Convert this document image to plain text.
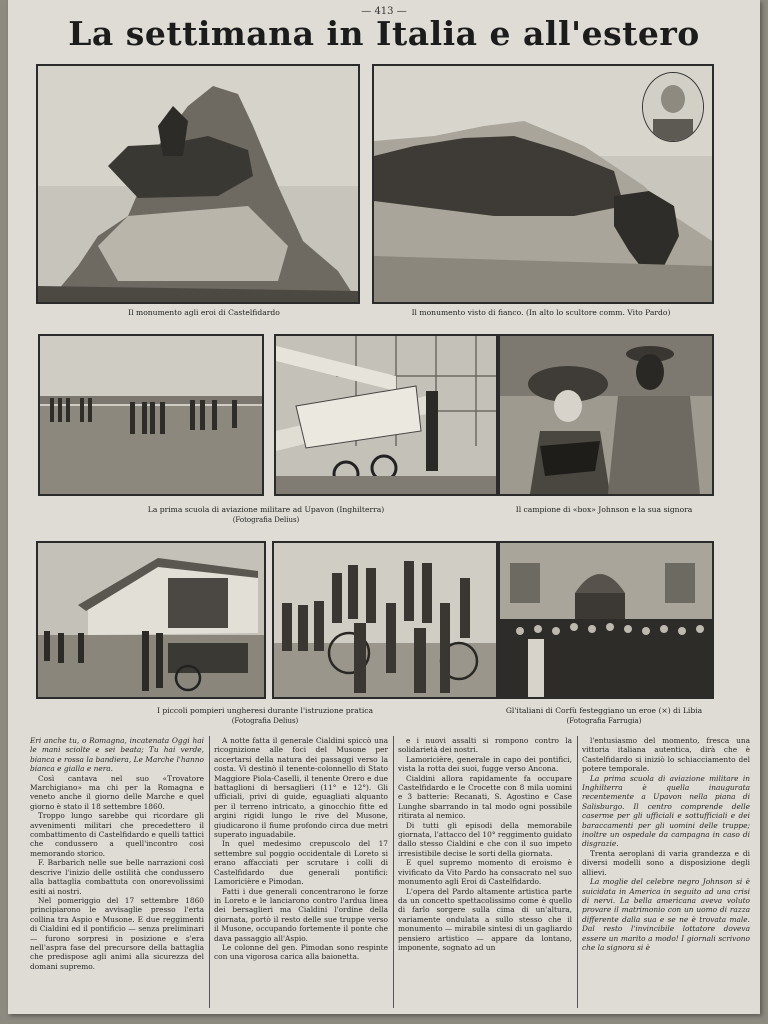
— 413 —
La settimana in Italia e all'estero
Il monumento agli eroi di Castelfidardo	Il monumento visto di fianco. (In alto lo scultore comm. Vito Pardo)
La prima scuola di aviazione militare ad Upavon (Inghilterra)
(Fotografia Delius)
Il campione di «box» Johnson e la sua signora
I piccoli pompieri ungheresi durante l'istruzione pratica
(Fotografia Delius)
Gl'italiani di Corfù festeggiano un eroe (×) di Libia
(Fotografia Farrugia)

Eri anche tu, o Romagna, incatenata Oggi hai le mani sciolte e sei beata; Tu hai verde, bianca e rossa la bandiera, Le Marche l'hanno bianca e gialla e nera.

Così cantava nel suo «Trovatore Marchigiano» ma chi per la Romagna e veneto anche il giorno delle Marche e quel giorno è stato il 18 settembre 1860.

Troppo lungo sarebbe qui ricordare gli avvenimenti militari che precedettero il combattimento di Castelfidardo e quelli tattici che condussero a quell'incontro così memorando storico.

F. Barbarich nelle sue belle narrazioni così descrive l'inizio delle ostilità che condussero alla battaglia combattuta con onorevolissimi esiti ai nostri.

Nel pomeriggio del 17 settembre 1860 principiarono le avvisaglie presso l'erta collina tra Aspio e Musone. E due reggimenti di Cialdini ed il pontificio — senza preliminari — furono sorpresi in posizione e s'era nell'aspra fase del precursore della battaglia che predispose agli animi alla sicurezza del domani supremo.

A notte fatta il generale Cialdini spiccò una ricognizione alle foci del Musone per accertarsi della natura dei passaggi verso la costa. Vi destinò il tenente-colonnello di Stato Maggiore Piola-Caselli, il tenente Orero e due battaglioni di bersaglieri (11° e 12°). Gli ufficiali, privi di guide, eguagliati alquanto per il terreno intricato, a ginocchio fitte ed argini rigidi lungo le rive del Musone, giudicarono il fiume profondo circa due metri superato inguadabile.

In quel medesimo crepuscolo del 17 settembre sul poggio occidentale di Loreto si erano affacciati per scrutare i colli di Castelfidardo due generali pontifici: Lamoricière e Pimodan.

Fatti i due generali concentrarono le forze in Loreto e le lanciarono contro l'ardua linea dei bersaglieri ma Cialdini l'ordine della giornata, portò il resto delle sue truppe verso il Musone, occupando fortemente il ponte che dava passaggio all'Aspio.

Le colonne del gen. Pimodan sono respinte con una vigorosa carica alla baionetta.

e i nuovi assalti si rompono contro la solidarietà dei nostri.

Lamoricière, generale in capo dei pontifici, vista la rotta dei suoi, fugge verso Ancona.

Cialdini allora rapidamente fa occupare Castelfidardo e le Crocette con 8 mila uomini e 3 batterie: Recanati, S. Agostino e Case Lunghe sbarrando in tal modo ogni possibile ritirata al nemico.

Di tutti gli episodi della memorabile giornata, l'attacco del 10° reggimento guidato dallo stesso Cialdini e che con il suo impeto irresistibile decise le sorti della giornata.

E quel supremo momento di eroismo è vivificato da Vito Pardo ha consacrato nel suo monumento agli Eroi di Castelfidardo.

L'opera del Pardo altamente artistica parte da un concetto spettacolissimo come è quello di farlo sorgere sulla cima di un'altura, variamente ondulata a sullo stesso che il monumento — mirabile sintesi di un gagliardo pensiero artistico — appare da lontano, imponente, sognato ad un

l'entusiasmo del momento, fresca una vittoria italiana autentica, dirà che è Castelfidardo si iniziò lo schiacciamento del potere temporale.

La prima scuola di aviazione militare in Inghilterra è quella inaugurata recentemente a Upavon nella piana di Salisburgo. Il centro comprende delle caserme per gli ufficiali e sottufficiali e dei baraccamenti per gli uomini delle truppe; inoltre un ospedale da campagna in caso di disgrazie.

Trenta aeroplani di varia grandezza e di diversi modelli sono a disposizione degli allievi.

La moglie del celebre negro Johnson si è suicidata in America in seguito ad una crisi di nervi. La bella americana aveva voluto provare il matrimonio con un uomo di razza differente dalla sua e se ne è trovata male. Dal resto l'invincibile lottatore doveva essere un marito a modo! I giornali scrivono che la signora si è
